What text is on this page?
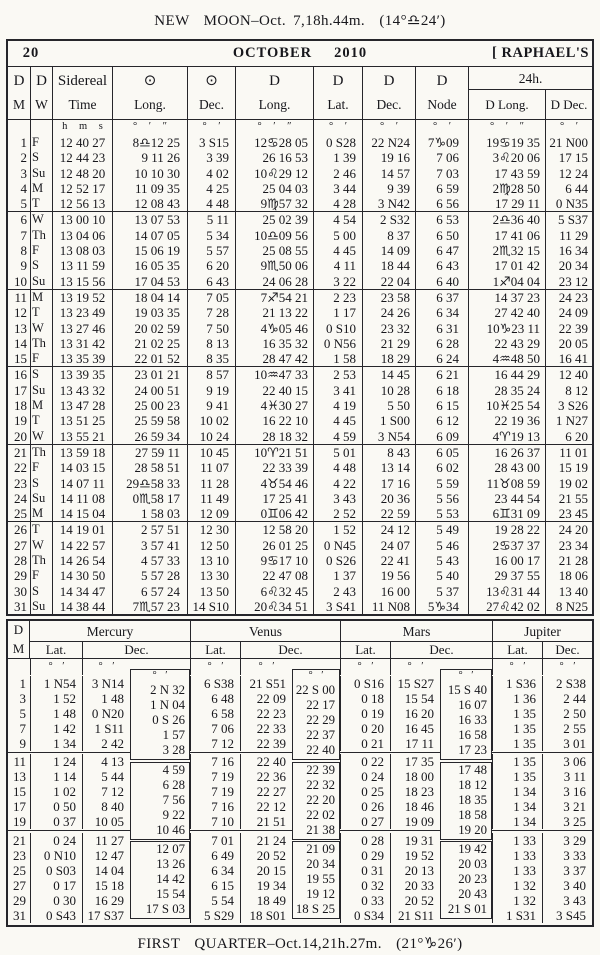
NEW  MOON–Oct. 7,18h.44m.  (14°♎24′)
20	OCTOBER 2010	[ RAPHAEL'S
D
M
D
W
Sidereal
Time
⊙
Long.
⊙
Dec.
D
Long.
D
Lat.
D
Dec.
D
Node
24h.
D Long.	D Dec.
h m s	° ′ ″	° ′	° ′ ″	° ′	° ′	° ′	° ′ ″	° ′
1 F	12 40 27	8♎12 25	3 S15	12♋28 05	0 S28	22 N24	7♑09	19♋19 35 21 N00
2 S	12 44 23	9 11 26	3 39	26 16 53	1 39	19 16	7 06	3♌20 06	17 15
3 Su	12 48 20	10 10 30	4 02	10♌29 12	2 46	14 57	7 03	17 43 59	12 24
4 M	12 52 17	11 09 35	4 25	25 04 03	3 44	9 39	6 59	2♍28 50	6 44
5 T	12 56 13	12 08 43	4 48	9♍57 32	4 28	3 N42	6 56	17 29 11	0 N35
6 W	13 00 10	13 07 53	5 11	25 02 39	4 54	2 S32	6 53	2♎36 40	5 S37
7 Th	13 04 06	14 07 05	5 34	10♎09 56	5 00	8 37	6 50	17 41 06	11 29
8 F	13 08 03	15 06 19	5 57	25 08 55	4 45	14 09	6 47	2♏32 15	16 34
9 S	13 11 59	16 05 35	6 20	9♏50 06	4 11	18 44	6 43	17 01 42	20 34
10 Su	13 15 56	17 04 53	6 43	24 06 28	3 22	22 04	6 40	1♐04 04	23 12
11 M	13 19 52	18 04 14	7 05	7♐54 21	2 23	23 58	6 37	14 37 23	24 23
12 T	13 23 49	19 03 35	7 28	21 13 22	1 17	24 26	6 34	27 42 40	24 09
13 W	13 27 46	20 02 59	7 50	4♑05 46	0 S10	23 32	6 31	10♑23 11	22 39
14 Th	13 31 42	21 02 25	8 13	16 35 32	0 N56	21 29	6 28	22 43 29	20 05
15 F	13 35 39	22 01 52	8 35	28 47 42	1 58	18 29	6 24	4♒48 50	16 41
16 S	13 39 35	23 01 21	8 57	10♒47 33	2 53	14 45	6 21	16 44 29	12 40
17 Su	13 43 32	24 00 51	9 19	22 40 15	3 41	10 28	6 18	28 35 24	8 12
18 M	13 47 28	25 00 23	9 41	4♓30 27	4 19	5 50	6 15	10♓25 54	3 S26
19 T	13 51 25	25 59 58	10 02	16 22 10	4 45	1 S00	6 12	22 19 36	1 N27
20 W	13 55 21	26 59 34	10 24	28 18 32	4 59	3 N54	6 09	4♈19 13	6 20
21 Th	13 59 18	27 59 11	10 45	10♈21 51	5 01	8 43	6 05	16 26 37	11 01
22 F	14 03 15	28 58 51	11 07	22 33 39	4 48	13 14	6 02	28 43 00	15 19
23 S	14 07 11	29♎58 33	11 28	4♉54 46	4 22	17 16	5 59	11♉08 59	19 02
24 Su	14 11 08	0♏58 17	11 49	17 25 41	3 43	20 36	5 56	23 44 54	21 55
25 M	14 15 04	1 58 03	12 09	0♊06 42	2 52	22 59	5 53	6♊31 09	23 45
26 T	14 19 01	2 57 51	12 30	12 58 20	1 52	24 12	5 49	19 28 22	24 20
27 W	14 22 57	3 57 41	12 50	26 01 25	0 N45	24 07	5 46	2♋37 37	23 34
28 Th	14 26 54	4 57 33	13 10	9♋17 10	0 S26	22 41	5 43	16 00 17	21 28
29 F	14 30 50	5 57 28	13 30	22 47 08	1 37	19 56	5 40	29 37 55	18 06
30 S	14 34 47	6 57 24	13 50	6♌32 45	2 43	16 00	5 37	13♌31 44	13 40
31 Su	14 38 44	7♏57 23 14 S10	20♌34 51	3 S41	11 N08	5♑34	27♌42 02	8 N25
D
M
Mercury	Venus	Mars	Jupiter
Lat.	Dec.	Lat.	Dec.	Lat.	Dec.	Lat.	Dec.
° ′	° ′	° ′	° ′	° ′	° ′	° ′	° ′
1
3
5
7
9
1 N54
1 52
1 48
1 42
1 34
3 N14
1 48
0 N20
1 S11
2 42
6 S38
6 48
6 58
7 06
7 12
21 S51
22 09
22 23
22 33
22 39
0 S16
0 18
0 19
0 20
0 21
15 S27
15 54
16 20
16 45
17 11
1 S36
1 36
1 35
1 35
1 35
2 S38
2 44
2 50
2 55
3 01
11
13
15
17
19
1 24
1 14
1 02
0 50
0 37
4 13
5 44
7 12
8 40
10 05
7 16
7 19
7 19
7 16
7 10
22 40
22 36
22 27
22 12
21 51
0 22
0 24
0 25
0 26
0 27
17 35
18 00
18 23
18 46
19 09
1 35
1 35
1 34
1 34
1 34
3 06
3 11
3 16
3 21
3 25
21
23
25
27
29
31
0 24
0 N10
0 S03
0 17
0 30
0 S43
11 27
12 47
14 04
15 18
16 29
17 S37
7 01
6 49
6 34
6 15
5 54
5 S29
21 24
20 52
20 15
19 34
18 49
18 S01
0 28
0 29
0 31
0 32
0 33
0 S34
19 31
19 52
20 13
20 33
20 52
21 S11
1 33
1 33
1 33
1 32
1 32
1 S31
3 29
3 33
3 37
3 40
3 43
3 S45
° ′
2 N 32
1 N 04
0 S 26
1 57
3 28
4 59
6 28
7 56
9 22
10 46
12 07
13 26
14 42
15 54
17 S 03
° ′
22 S 00
22 17
22 29
22 37
22 40
22 39
22 32
22 20
22 02
21 38
21 09
20 34
19 55
19 12
18 S 25
° ′
15 S 40
16 07
16 33
16 58
17 23
17 48
18 12
18 35
18 58
19 20
19 42
20 03
20 23
20 43
21 S 01
FIRST  QUARTER–Oct.14,21h.27m.  (21°♑26′)
